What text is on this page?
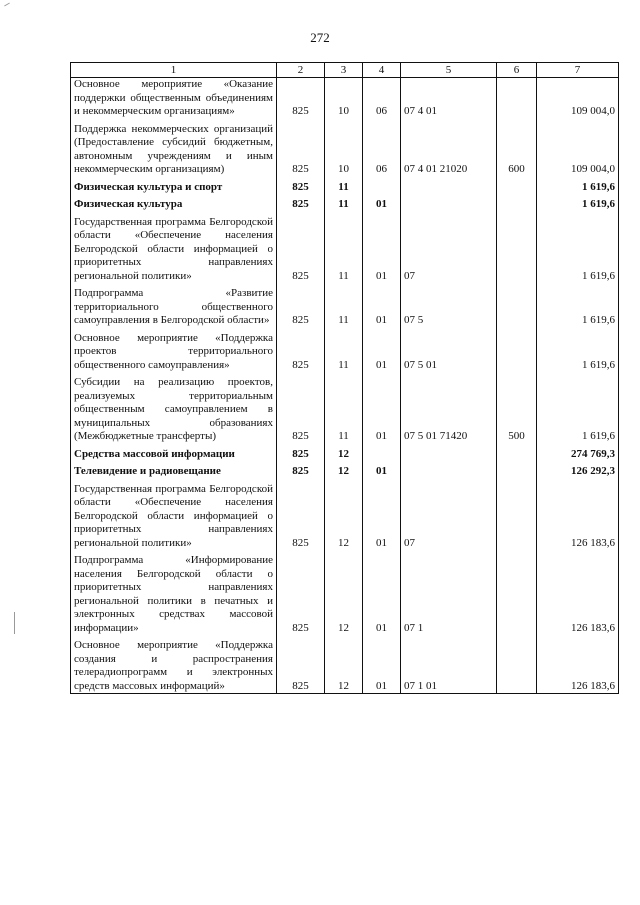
272
1	2	3	4	5	6	7
Основное мероприятие «Оказание поддержки общественным объединениям и некоммерческим организациям»	825	10	06	07 4 01		109 004,0
Поддержка некоммерческих организаций (Предоставление субсидий бюджетным, автономным учреждениям и иным некоммерческим организациям)	825	10	06	07 4 01 21020	600	109 004,0
Физическая культура и спорт	825	11				1 619,6
Физическая культура	825	11	01			1 619,6
Государственная программа Белгородской области «Обеспечение населения Белгородской области информацией о приоритетных направлениях региональной политики»	825	11	01	07		1 619,6
Подпрограмма «Развитие территориального общественного самоуправления в Белгородской области»	825	11	01	07 5		1 619,6
Основное мероприятие «Поддержка проектов территориального общественного самоуправления»	825	11	01	07 5 01		1 619,6
Субсидии на реализацию проектов, реализуемых территориальным общественным самоуправлением в муниципальных образованиях (Межбюджетные трансферты)	825	11	01	07 5 01 71420	500	1 619,6
Средства массовой информации	825	12				274 769,3
Телевидение и радиовещание	825	12	01			126 292,3
Государственная программа Белгородской области «Обеспечение населения Белгородской области информацией о приоритетных направлениях региональной политики»	825	12	01	07		126 183,6
Подпрограмма «Информирование населения Белгородской области о приоритетных направлениях региональной политики в печатных и электронных средствах массовой информации»	825	12	01	07 1		126 183,6
Основное мероприятие «Поддержка создания и распространения телерадиопрограмм и электронных средств массовых информаций»	825	12	01	07 1 01		126 183,6
